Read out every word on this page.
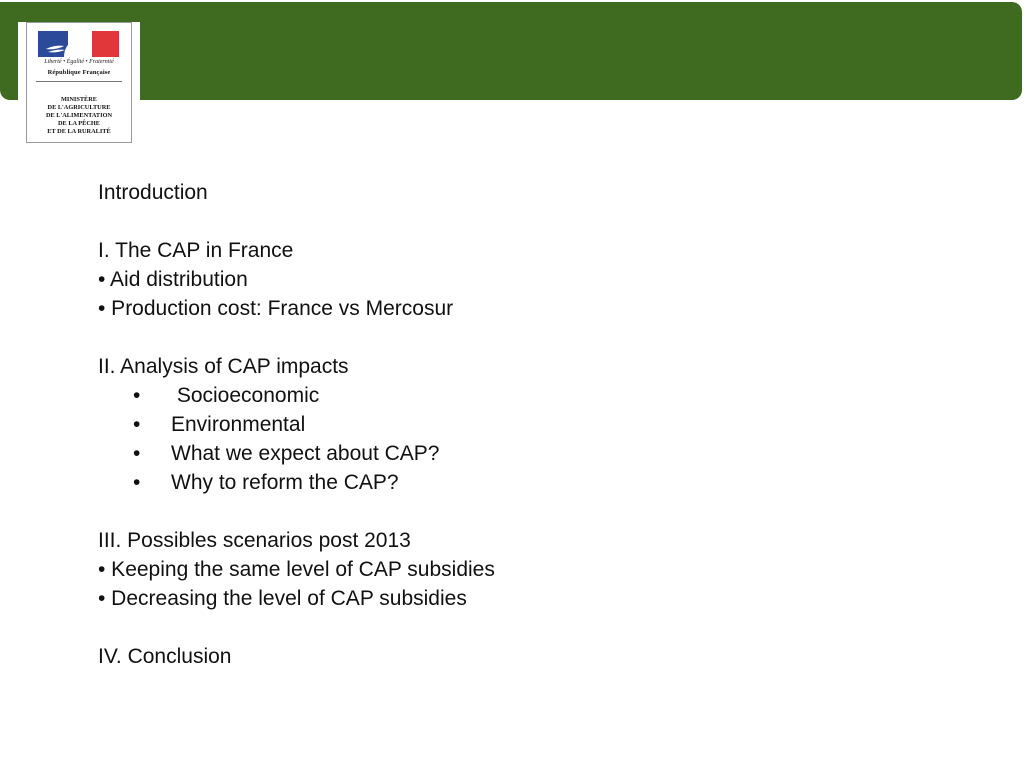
Liberté • Égalité • Fraternité
République Française
MINISTÈRE
DE L'AGRICULTURE
DE L'ALIMENTATION
DE LA PÊCHE
ET DE LA RURALITÉ
Introduction
I. The CAP in France
• Aid distribution
• Production cost: France vs Mercosur
II. Analysis of CAP impacts
• Socioeconomic
• Environmental
• What we expect about CAP?
• Why to reform the CAP?
III. Possibles scenarios post 2013
• Keeping the same level of CAP subsidies
• Decreasing the level of CAP subsidies
IV. Conclusion
